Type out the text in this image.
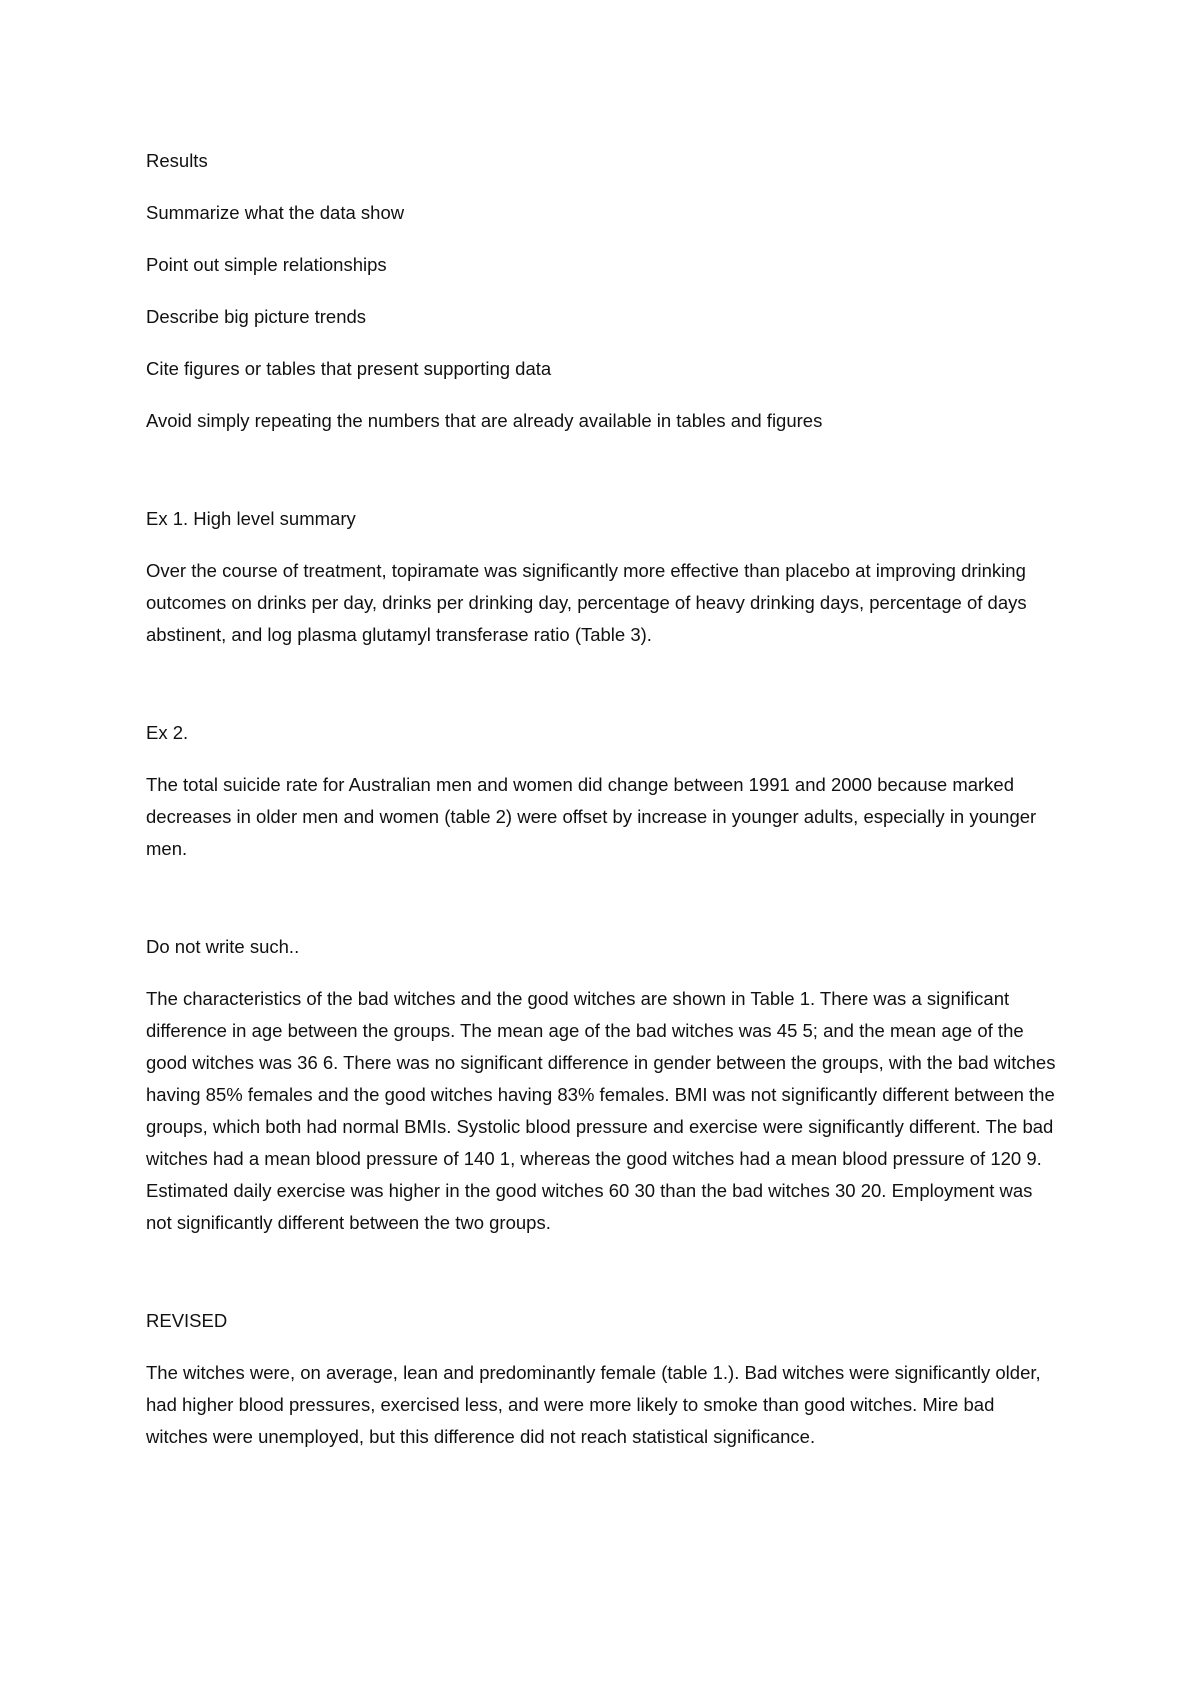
Results

Summarize what the data show

Point out simple relationships

Describe big picture trends

Cite figures or tables that present supporting data

Avoid simply repeating the numbers that are already available in tables and figures

Ex 1. High level summary

Over the course of treatment, topiramate was significantly more effective than placebo at improving drinking outcomes on drinks per day, drinks per drinking day, percentage of heavy drinking days, percentage of days abstinent, and log plasma glutamyl transferase ratio (Table 3).

Ex 2.

The total suicide rate for Australian men and women did change between 1991 and 2000 because marked decreases in older men and women (table 2) were offset by increase in younger adults, especially in younger men.

Do not write such..

The characteristics of the bad witches and the good witches are shown in Table 1. There was a significant difference in age between the groups. The mean age of the bad witches was 45 5; and the mean age of the good witches was 36 6. There was no significant difference in gender between the groups, with the bad witches having 85% females and the good witches having 83% females. BMI was not significantly different between the groups, which both had normal BMIs. Systolic blood pressure and exercise were significantly different. The bad witches had a mean blood pressure of 140 1, whereas the good witches had a mean blood pressure of 120 9. Estimated daily exercise was higher in the good witches 60 30 than the bad witches 30 20. Employment was not significantly different between the two groups.

REVISED

The witches were, on average, lean and predominantly female (table 1.). Bad witches were significantly older, had higher blood pressures, exercised less, and were more likely to smoke than good witches. Mire bad witches were unemployed, but this difference did not reach statistical significance.
